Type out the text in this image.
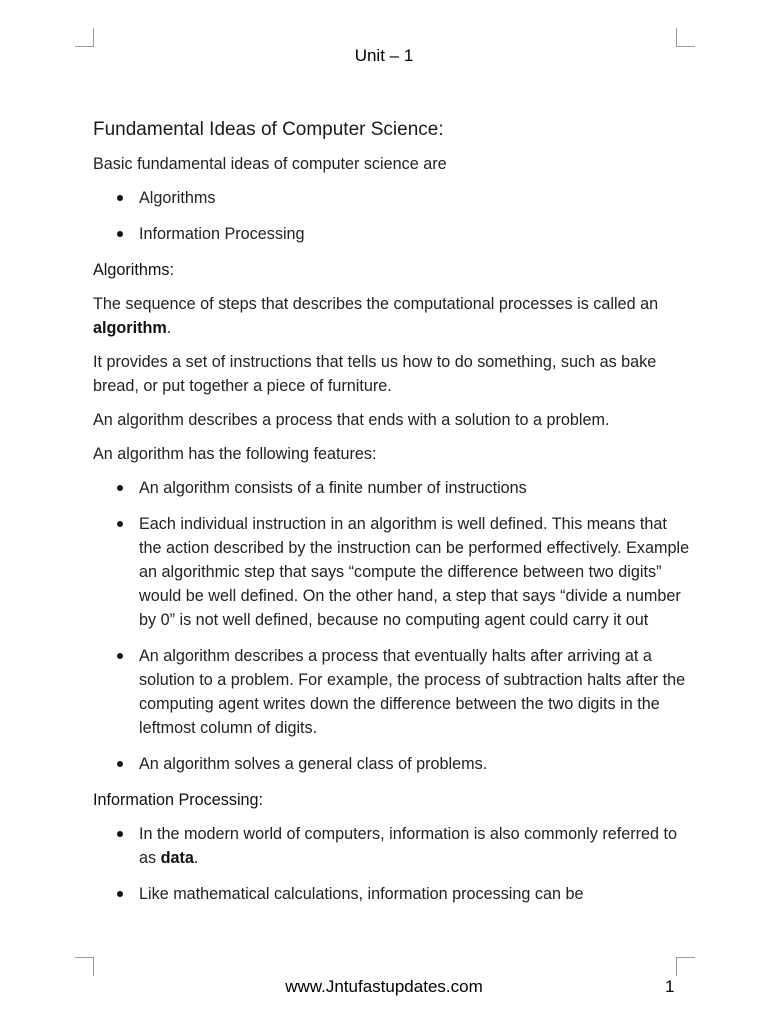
Unit – 1
Fundamental Ideas of Computer Science:

Basic fundamental ideas of computer science are

Algorithms
Information Processing
Algorithms:

The sequence of steps that describes the computational processes is called an algorithm.

It provides a set of instructions that tells us how to do something, such as bake bread, or put together a piece of furniture.

An algorithm describes a process that ends with a solution to a problem.

An algorithm has the following features:

An algorithm consists of a finite number of instructions
Each individual instruction in an algorithm is well defined. This means that the action described by the instruction can be performed effectively. Example an algorithmic step that says “compute the difference between two digits” would be well defined. On the other hand, a step that says “divide a number by 0” is not well defined, because no computing agent could carry it out
An algorithm describes a process that eventually halts after arriving at a solution to a problem. For example, the process of subtraction halts after the computing agent writes down the difference between the two digits in the leftmost column of digits.
An algorithm solves a general class of problems.
Information Processing:
In the modern world of computers, information is also commonly referred to as data.
Like mathematical calculations, information processing can be
www.Jntufastupdates.com	1
